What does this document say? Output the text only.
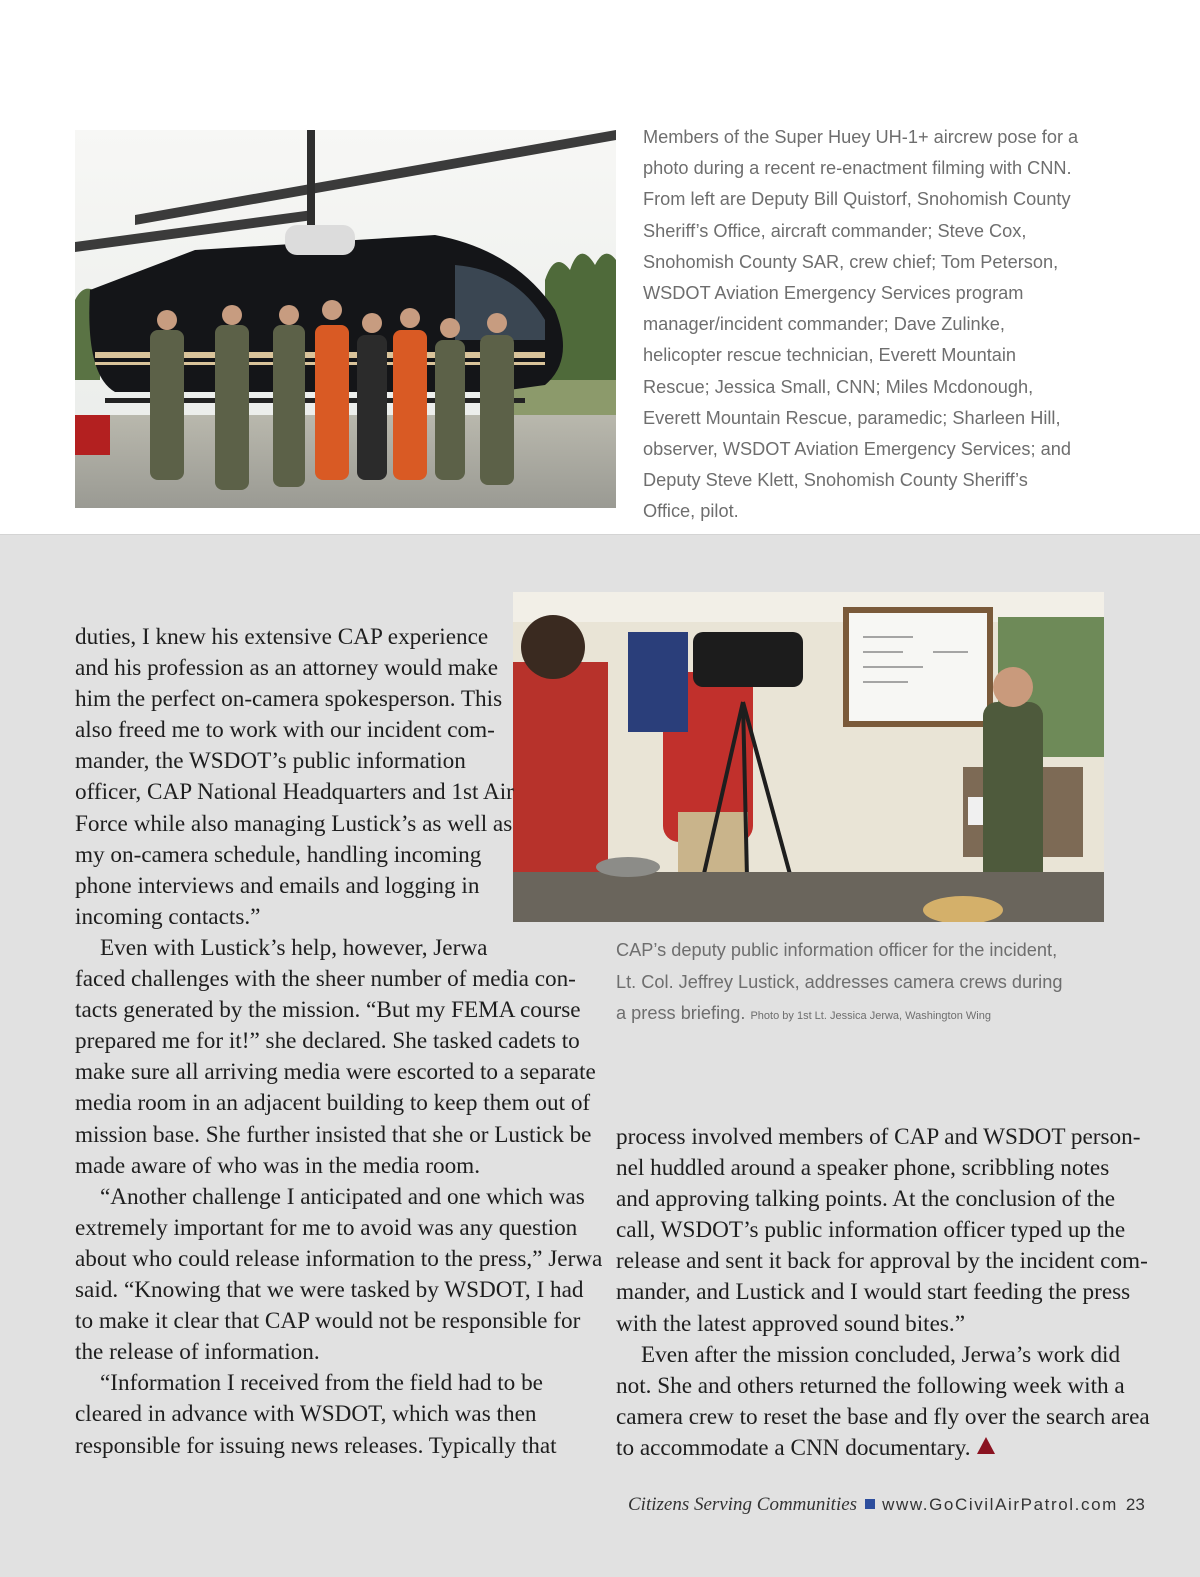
Members of the Super Huey UH-1+ aircrew pose for a photo during a recent re-enactment filming with CNN. From left are Deputy Bill Quistorf, Snohomish County Sheriff’s Office, aircraft commander; Steve Cox, Snohomish County SAR, crew chief; Tom Peterson, WSDOT Aviation Emergency Services program manager/incident commander; Dave Zulinke, helicopter rescue technician, Everett Mountain Rescue; Jessica Small, CNN; Miles Mcdonough, Everett Mountain Rescue, paramedic; Sharleen Hill, observer, WSDOT Aviation Emergency Services; and Deputy Steve Klett, Snohomish County Sheriff’s Office, pilot.
CAP’s deputy public information officer for the incident, Lt. Col. Jeffrey Lustick, addresses camera crews during a press briefing. Photo by 1st Lt. Jessica Jerwa, Washington Wing
duties, I knew his extensive CAP experience
and his profession as an attorney would make
him the perfect on-camera spokesperson. This
also freed me to work with our incident com-
mander, the WSDOT’s public information
officer, CAP National Headquarters and 1st Air
Force while also managing Lustick’s as well as
my on-camera schedule, handling incoming
phone interviews and emails and logging in
incoming contacts.”
Even with Lustick’s help, however, Jerwa
faced challenges with the sheer number of media con-
tacts generated by the mission. “But my FEMA course
prepared me for it!” she declared. She tasked cadets to
make sure all arriving media were escorted to a separate
media room in an adjacent building to keep them out of
mission base. She further insisted that she or Lustick be
made aware of who was in the media room.
“Another challenge I anticipated and one which was
extremely important for me to avoid was any question
about who could release information to the press,” Jerwa
said. “Knowing that we were tasked by WSDOT, I had
to make it clear that CAP would not be responsible for
the release of information.
“Information I received from the field had to be
cleared in advance with WSDOT, which was then
responsible for issuing news releases. Typically that
process involved members of CAP and WSDOT person-
nel huddled around a speaker phone, scribbling notes
and approving talking points. At the conclusion of the
call, WSDOT’s public information officer typed up the
release and sent it back for approval by the incident com-
mander, and Lustick and I would start feeding the press
with the latest approved sound bites.”
Even after the mission concluded, Jerwa’s work did
not. She and others returned the following week with a
camera crew to reset the base and fly over the search area
to accommodate a CNN documentary.
Citizens Serving Communities www.GoCivilAirPatrol.com 23
